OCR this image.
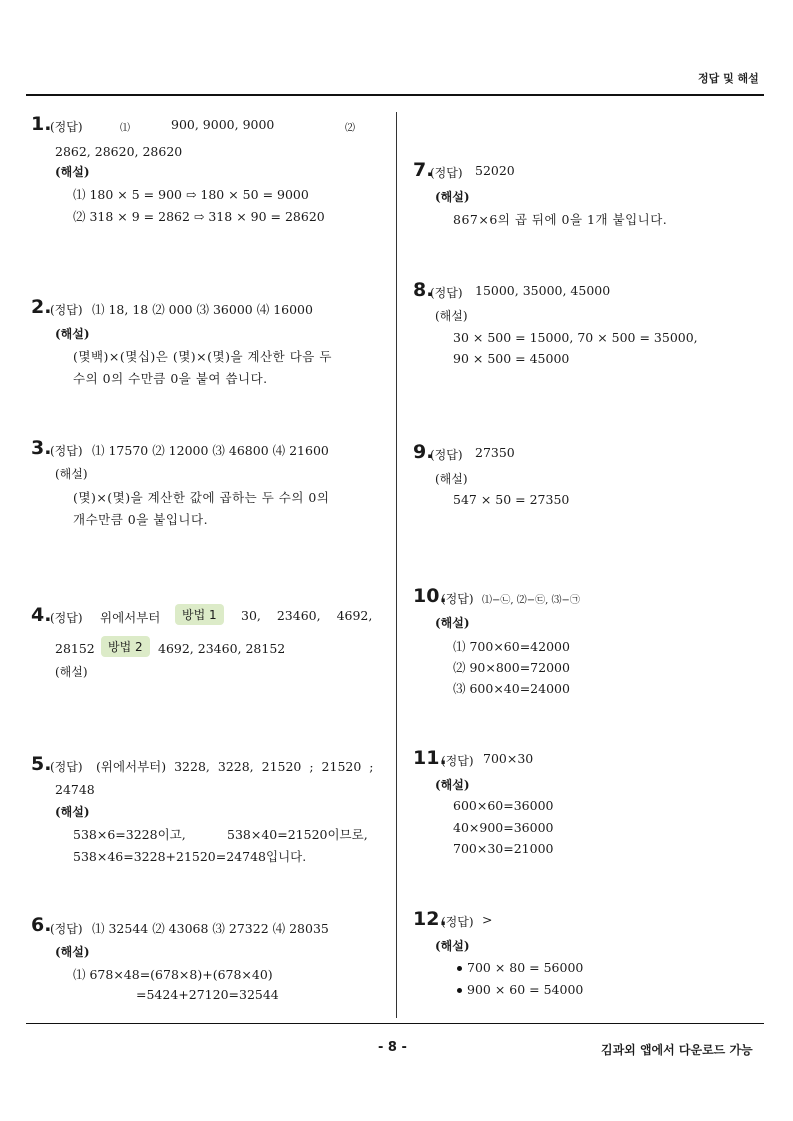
정답 및 해설
1.
(정답)	⑴	900, 9000, 9000	⑵
2862, 28620, 28620
(해설)
⑴ 180 × 5 = 900 ⇨ 180 × 50 = 9000
⑵ 318 × 9 = 2862 ⇨ 318 × 90 = 28620
2.
(정답) ⑴ 18, 18 ⑵ 000 ⑶ 36000 ⑷ 16000
(해설)
(몇백)×(몇십)은 (몇)×(몇)을 계산한 다음 두
수의 0의 수만큼 0을 붙여 씁니다.
3.
(정답) ⑴ 17570 ⑵ 12000 ⑶ 46800 ⑷ 21600
(해설)
(몇)×(몇)을 계산한 값에 곱하는 두 수의 0의
개수만큼 0을 붙입니다.
4.
(정답) 위에서부터	방법 1	30, 23460, 4692,
28152	방법 2	4692, 23460, 28152
(해설)
5.
(정답) (위에서부터) 3228, 3228, 21520 ; 21520 ;
24748
(해설)
538×6=3228이고,	538×40=21520이므로,
538×46=3228+21520=24748입니다.
6.
(정답) ⑴ 32544 ⑵ 43068 ⑶ 27322 ⑷ 28035
(해설)
⑴ 678×48=(678×8)+(678×40)
=5424+27120=32544
7.
(정답) 52020
(해설)
867×6의 곱 뒤에 0을 1개 붙입니다.
8.
(정답) 15000, 35000, 45000
(해설)
30 × 500 = 15000, 70 × 500 = 35000,
90 × 500 = 45000
9.
(정답) 27350
(해설)
547 × 50 = 27350
10.
(정답) ⑴−㉡, ⑵−㉢, ⑶−㉠
(해설)
⑴ 700×60=42000
⑵ 90×800=72000
⑶ 600×40=24000
11.
(정답) 700×30
(해설)
600×60=36000
40×900=36000
700×30=21000
12.
(정답) >
(해설)
700 × 80 = 56000
900 × 60 = 54000
- 8 -	김과외 앱에서 다운로드 가능
